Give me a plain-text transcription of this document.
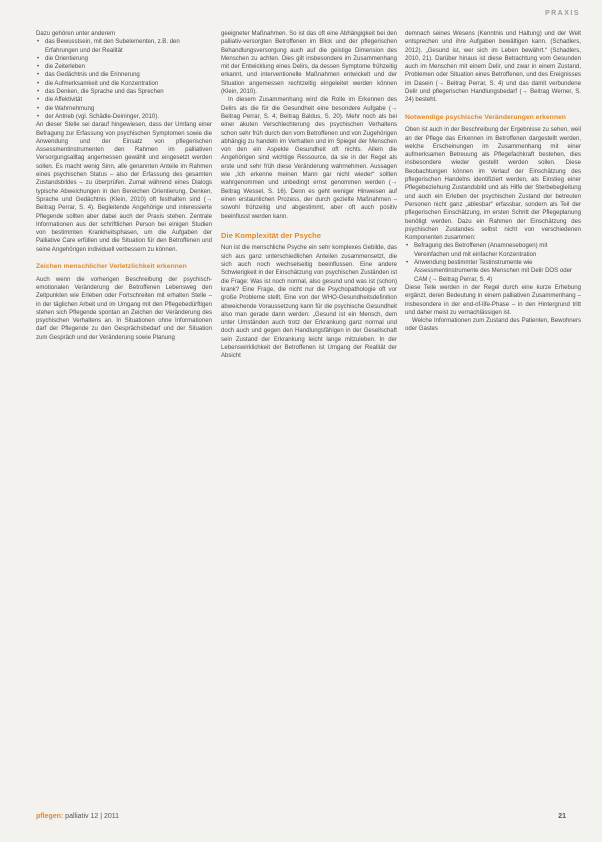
PRAXIS

Dazu gehören unter anderem

• das Bewusstsein, mit den Subelementen, z.B. den Erfahrungen und der Realität
• die Orientierung
• die Zeiterleben
• das Gedächtnis und die Erinnerung
• die Aufmerksamkeit und die Konzentration
• das Denken, die Sprache und das Sprechen
• die Affektivität
• die Wahrnehmung
• der Antrieb (vgl. Schädle-Deininger, 2010).

An dieser Stelle sei darauf hingewiesen, dass der Umfang einer Befragung zur Erfassung von psychischen Symptomen sowie die Anwendung und der Einsatz von pflegerischen Assessmentinstrumenten den Rahmen im palliativen Versorgungsalltag angemessen gewählt und eingesetzt werden sollen. Es macht wenig Sinn, alle genannten Anteile im Rahmen eines psychischen Status – also der Erfassung des gesamten Zustandsbildes – zu überprüfen. Zumal während eines Dialogs typische Abweichungen in den Bereichen Orientierung, Denken, Sprache und Gedächtnis (Klein, 2010) oft festhalten sind (→ Beitrag Perrar, S. 4). Begleitende Angehörige und interessierte Pflegende sollten aber dabei auch der Praxis stehen. Zentrale Informationen aus der schriftlichen Person bei einigen Studien von bestimmten Krankheitsphasen, um die Aufgaben der Palliative Care erfüllen und die Situation für den Betroffenen und seine Angehörigen individuell verbessern zu können.

Zeichen menschlicher Verletzlichkeit erkennen

Auch wenn die vorherigen Beschreibung der psychisch-emotionalen Veränderung der Betroffenen Lebensweg den Zeitpunkten wie Erleben oder Fortschreiten mit erhalten Stelle – in der täglichen Arbeit und im Umgang mit den Pflegebedürftigen stehen sich Pflegende spontan an Zeichen der Veränderung des psychischen Verhaltens an. In Situationen ohne Informationen darf der Pflegende zu den Gesprächsbedarf und der Situation zum Gespräch und der Veränderung sowie Planung

geeigneter Maßnahmen. So ist das oft eine Abhängigkeit bei den palliativ-versorgten Betroffenen im Blick und der pflegerischen Behandlungsversorgung auch auf die geistige Dimension des Menschen zu achten. Dies gilt insbesondere im Zusammenhang mit der Entwicklung eines Delirs, da dessen Symptome frühzeitig erkannt, und interventionelle Maßnahmen entwickelt und der Situation angemessen rechtzeitig eingeleitet werden können (Klein, 2010).

In diesem Zusammenhang wird die Rolle im Erkennen des Delirs als die für die Gesundheit eine besondere Aufgabe (→ Beitrag Perrar, S. 4; Beitrag Baldus, S. 20). Mehr noch als bei einer akuten Verschlechterung des psychischen Verhaltens schon sehr früh durch den vom Betroffenen und von Zugehörigen abhängig zu handeln im Verhalten und im Spiegel der Menschen von den ein Aspekte Gesundheit oft nichts. Allein die Angehörigen sind wichtige Ressource, da sie in der Regel als erste und sehr früh diese Veränderung wahrnehmen. Aussagen wie „Ich erkenne meinen Mann gar nicht wieder“ sollten wahrgenommen und unbedingt ernst genommen werden (→ Beitrag Wessel, S. 16). Denn es geht weniger Hinweisen auf einen erstaunlichen Prozess, der durch gezielte Maßnahmen – sowohl frühzeitig und abgestimmt, aber oft auch positiv beeinflusst werden kann.

Die Komplexität der Psyche

Nun ist die menschliche Psyche ein sehr komplexes Gebilde, das sich aus ganz unterschiedlichen Anteilen zusammensetzt, die sich auch noch wechselseitig beeinflussen. Eine andere Schwierigkeit in der Einschätzung von psychischen Zuständen ist die Frage: Was ist noch normal, also gesund und was ist (schon) krank? Eine Frage, die nicht nur die Psychopathologie oft vor große Probleme stellt. Eine von der WHO-Gesundheitsdefinition abweichende Voraussetzung kann für die psychische Gesundheit also man gerade dann werden: „Gesund ist ein Mensch, dem unter Umständen auch trotz der Erkrankung ganz normal und doch auch und gegen den Handlungsfähigen in der Gesellschaft sein Zustand der Erkrankung leicht lange mitzuleben. In der Lebenswirklichkeit der Betroffenen ist Umgang der Realität der Absicht

demnach seines Wesens (Kenntnis und Haltung) und der Welt entsprechen und ihre Aufgaben bewältigen kann. (Schadlers, 2012). „Gesund ist, wer sich im Leben bewährt.“ (Schadlers, 2010, 21). Darüber hinaus ist diese Betrachtung vom Gesunden auch im Menschen mit einem Delir, und zwar in einem Zustand, Problemen oder Situation eines Betroffenen, und des Ereignisses im Dasein (→ Beitrag Perrar, S. 4) und das damit verbundene Delir und pflegerischen Handlungsbedarf (→ Beitrag Werner, S. 24) besteht.

Notwendige psychische Veränderungen erkennen

Oben ist auch in der Beschreibung der Ergebnisse zu sehen, weil an der Pflege das Erkennen im Betroffenen dargestellt werden, welche Erscheinungen im Zusammenhang mit einer aufmerksamen Betreuung als Pflegefachkraft bestehen, dies insbesondere wieder gestellt werden sollen. Diese Beobachtungen können im Verlauf der Einschätzung des pflegerischen Handelns identifiziert werden, als Einstieg einer Pflegebeziehung Zustandsbild und als Hilfe der Sterbebegleitung und auch ein Erleben der psychischen Zustand der betreuten Personen nicht ganz „ablesbar“ erfassbar, sondern als Teil der pflegerischen Einschätzung, im ersten Schritt der Pflegeplanung benötigt werden. Dazu ein Rahmen der Einschätzung des psychischen Zustandes selbst nicht von verschiedenen Komponenten zusammen:

• Befragung des Betroffenen (Anamnesebogen) mit Vereinfachen und mit einfacher Konzentration
• Anwendung bestimmter Testinstrumente wie Assessmentinstrumente des Menschen mit Delir DOS oder CAM (→ Beitrag Perrar, S. 4)

Diese Teile werden in der Regel durch eine kurze Erhebung ergänzt, deren Bedeutung in einem palliativen Zusammenhang – insbesondere in der end-of-life-Phase – in den Hintergrund tritt und daher meist zu vernachlässigen ist.

Welche Informationen zum Zustand des Patienten, Bewohners oder Gastes

pflegen: palliativ 12 | 2011	21
